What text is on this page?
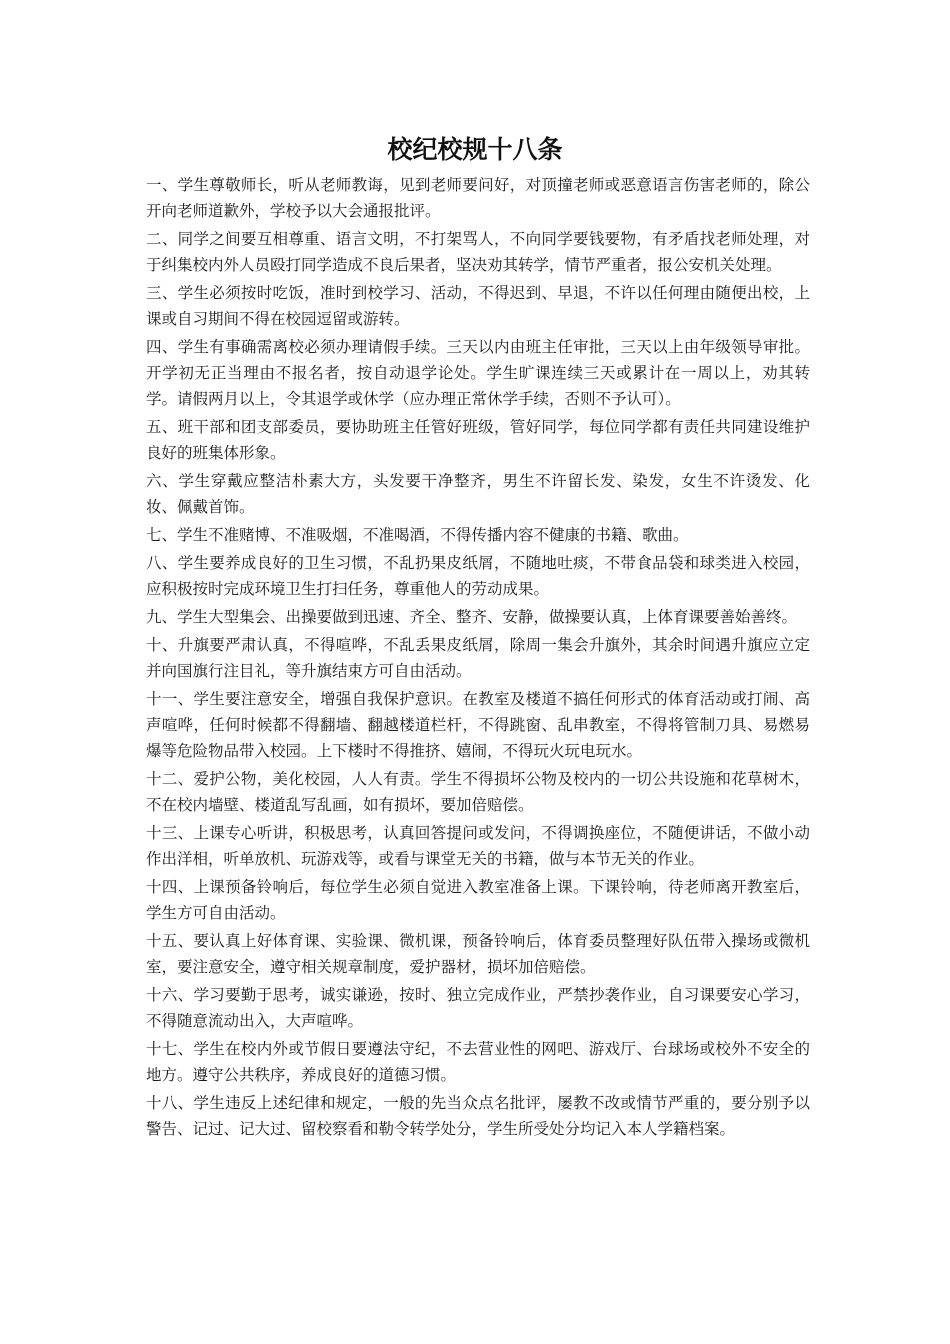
校纪校规十八条
一、学生尊敬师长，听从老师教诲，见到老师要问好，对顶撞老师或恶意语言伤害老师的，除公开向老师道歉外，学校予以大会通报批评。
二、同学之间要互相尊重、语言文明，不打架骂人，不向同学要钱要物，有矛盾找老师处理，对于纠集校内外人员殴打同学造成不良后果者，坚决劝其转学，情节严重者，报公安机关处理。
三、学生必须按时吃饭，准时到校学习、活动，不得迟到、早退，不许以任何理由随便出校，上课或自习期间不得在校园逗留或游转。
四、学生有事确需离校必须办理请假手续。三天以内由班主任审批，三天以上由年级领导审批。开学初无正当理由不报名者，按自动退学论处。学生旷课连续三天或累计在一周以上，劝其转学。请假两月以上，令其退学或休学（应办理正常休学手续，否则不予认可）。
五、班干部和团支部委员，要协助班主任管好班级，管好同学，每位同学都有责任共同建设维护良好的班集体形象。
六、学生穿戴应整洁朴素大方，头发要干净整齐，男生不许留长发、染发，女生不许烫发、化妆、佩戴首饰。
七、学生不准赌博、不准吸烟，不准喝酒，不得传播内容不健康的书籍、歌曲。
八、学生要养成良好的卫生习惯，不乱扔果皮纸屑，不随地吐痰，不带食品袋和球类进入校园，应积极按时完成环境卫生打扫任务，尊重他人的劳动成果。
九、学生大型集会、出操要做到迅速、齐全、整齐、安静，做操要认真，上体育课要善始善终。
十、升旗要严肃认真，不得喧哗，不乱丢果皮纸屑，除周一集会升旗外，其余时间遇升旗应立定并向国旗行注目礼，等升旗结束方可自由活动。
十一、学生要注意安全，增强自我保护意识。在教室及楼道不搞任何形式的体育活动或打闹、高声喧哗，任何时候都不得翻墙、翻越楼道栏杆，不得跳窗、乱串教室，不得将管制刀具、易燃易爆等危险物品带入校园。上下楼时不得推挤、嬉闹，不得玩火玩电玩水。
十二、爱护公物，美化校园，人人有责。学生不得损坏公物及校内的一切公共设施和花草树木，不在校内墙壁、楼道乱写乱画，如有损坏，要加倍赔偿。
十三、上课专心听讲，积极思考，认真回答提问或发问，不得调换座位，不随便讲话，不做小动作出洋相，听单放机、玩游戏等，或看与课堂无关的书籍，做与本节无关的作业。
十四、上课预备铃响后，每位学生必须自觉进入教室准备上课。下课铃响，待老师离开教室后，学生方可自由活动。
十五、要认真上好体育课、实验课、微机课，预备铃响后，体育委员整理好队伍带入操场或微机室，要注意安全，遵守相关规章制度，爱护器材，损坏加倍赔偿。
十六、学习要勤于思考，诚实谦逊，按时、独立完成作业，严禁抄袭作业，自习课要安心学习，不得随意流动出入，大声喧哗。
十七、学生在校内外或节假日要遵法守纪，不去营业性的网吧、游戏厅、台球场或校外不安全的地方。遵守公共秩序，养成良好的道德习惯。
十八、学生违反上述纪律和规定，一般的先当众点名批评，屡教不改或情节严重的，要分别予以警告、记过、记大过、留校察看和勒令转学处分，学生所受处分均记入本人学籍档案。
